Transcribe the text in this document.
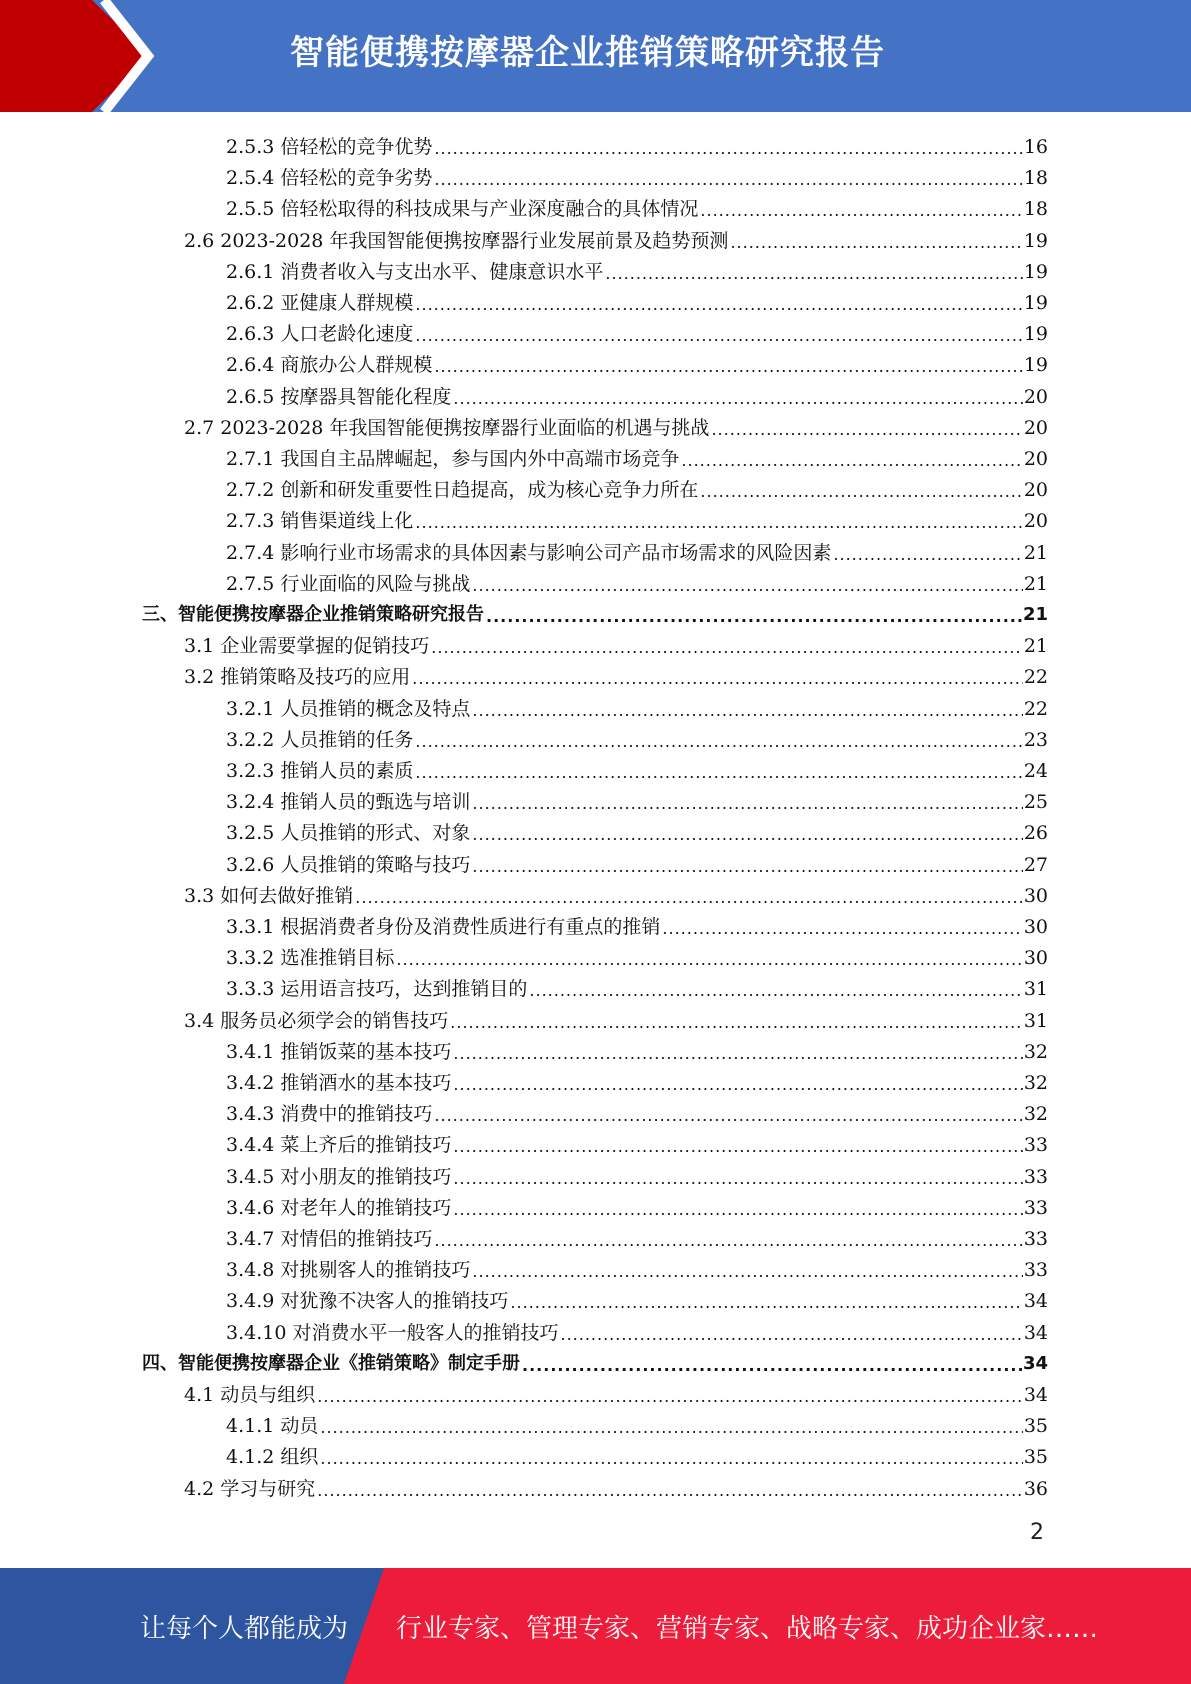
智能便携按摩器企业推销策略研究报告
2.5.3 倍轻松的竞争优势 .....	16
2.5.4 倍轻松的竞争劣势 .....	18
2.5.5 倍轻松取得的科技成果与产业深度融合的具体情况 .....	18
2.6 2023-2028 年我国智能便携按摩器行业发展前景及趋势预测 .....	19
2.6.1 消费者收入与支出水平、健康意识水平 .....	19
2.6.2 亚健康人群规模 .....	19
2.6.3 人口老龄化速度 .....	19
2.6.4 商旅办公人群规模 .....	19
2.6.5 按摩器具智能化程度 .....	20
2.7 2023-2028 年我国智能便携按摩器行业面临的机遇与挑战 .....	20
2.7.1 我国自主品牌崛起，参与国内外中高端市场竞争 .....	20
2.7.2 创新和研发重要性日趋提高，成为核心竞争力所在 .....	20
2.7.3 销售渠道线上化 .....	20
2.7.4 影响行业市场需求的具体因素与影响公司产品市场需求的风险因素 .....	21
2.7.5 行业面临的风险与挑战 .....	21
三、智能便携按摩器企业推销策略研究报告 .....	21
3.1 企业需要掌握的促销技巧 .....	21
3.2 推销策略及技巧的应用 .....	22
3.2.1 人员推销的概念及特点 .....	22
3.2.2 人员推销的任务 .....	23
3.2.3 推销人员的素质 .....	24
3.2.4 推销人员的甄选与培训 .....	25
3.2.5 人员推销的形式、对象 .....	26
3.2.6 人员推销的策略与技巧 .....	27
3.3 如何去做好推销 .....	30
3.3.1 根据消费者身份及消费性质进行有重点的推销 .....	30
3.3.2 选准推销目标 .....	30
3.3.3 运用语言技巧，达到推销目的 .....	31
3.4 服务员必须学会的销售技巧 .....	31
3.4.1 推销饭菜的基本技巧 .....	32
3.4.2 推销酒水的基本技巧 .....	32
3.4.3 消费中的推销技巧 .....	32
3.4.4 菜上齐后的推销技巧 .....	33
3.4.5 对小朋友的推销技巧 .....	33
3.4.6 对老年人的推销技巧 .....	33
3.4.7 对情侣的推销技巧 .....	33
3.4.8 对挑剔客人的推销技巧 .....	33
3.4.9 对犹豫不决客人的推销技巧 .....	34
3.4.10 对消费水平一般客人的推销技巧 .....	34
四、智能便携按摩器企业《推销策略》制定手册 .....	34
4.1 动员与组织 .....	34
4.1.1 动员 .....	35
4.1.2 组织 .....	35
4.2 学习与研究 .....	36
2
让每个人都能成为 行业专家、管理专家、营销专家、战略专家、成功企业家……
